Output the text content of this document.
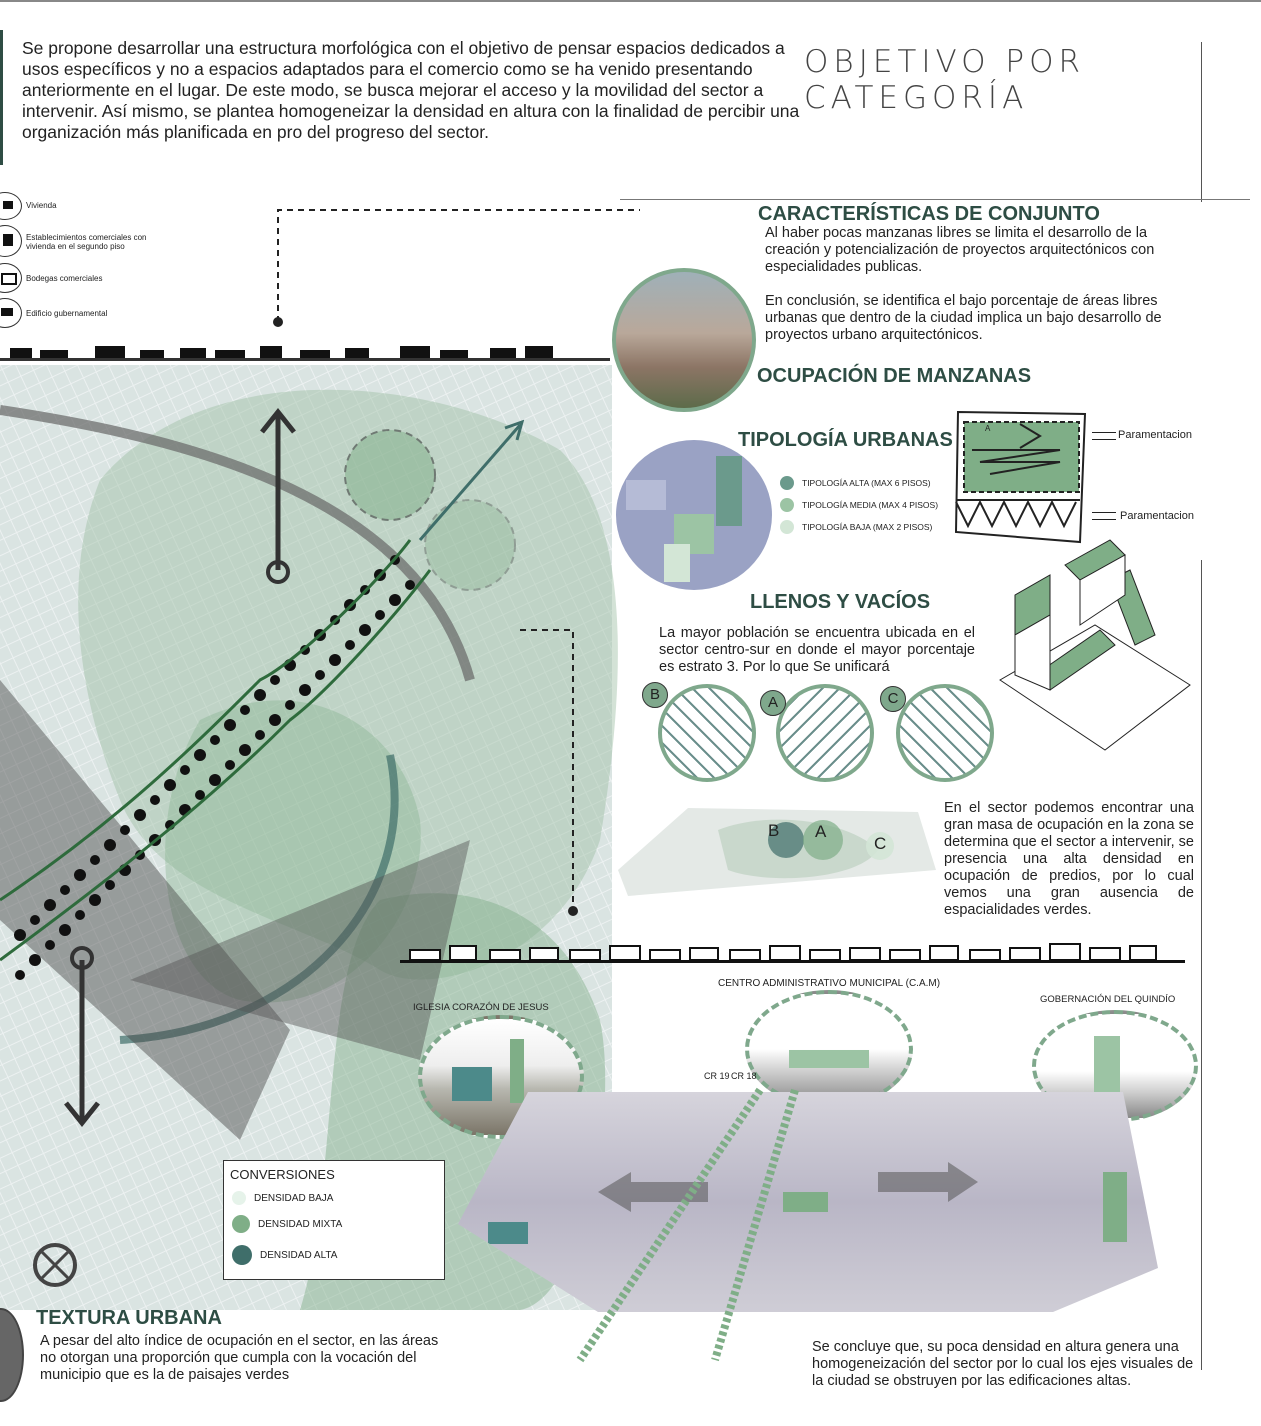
Se propone desarrollar una estructura morfológica con el objetivo de pensar espacios dedicados a usos específicos y no a espacios adaptados para el comercio como se ha venido presentando anteriormente en el lugar. De este modo, se busca mejorar el acceso y la movilidad del sector a intervenir. Así mismo, se plantea homogeneizar la densidad en altura con la finalidad de percibir una organización más planificada en pro del progreso del sector.
OBJETIVO POR CATEGORÍA
Vivienda
Establecimientos comerciales con vivienda en el segundo piso
Bodegas comerciales
Edificio gubernamental
CONVERSIONES
DENSIDAD BAJA
DENSIDAD MIXTA
DENSIDAD ALTA
TEXTURA URBANA
A pesar del alto índice de ocupación en el sector, en las áreas no otorgan una proporción que cumpla con la vocación del municipio que es la de paisajes verdes
CARACTERÍSTICAS DE CONJUNTO
Al haber pocas manzanas libres se limita el desarrollo de la creación y potencialización de proyectos arquitectónicos con especialidades publicas.
En conclusión, se identifica el bajo porcentaje de áreas libres urbanas que dentro de la ciudad implica un bajo desarrollo de proyectos urbano arquitectónicos.
OCUPACIÓN DE MANZANAS
TIPOLOGÍA URBANAS
TIPOLOGÍA ALTA (MAX 6 PISOS)
TIPOLOGÍA MEDIA (MAX 4 PISOS)
TIPOLOGÍA BAJA (MAX 2 PISOS)
A
Paramentacion
Paramentacion
LLENOS Y VACÍOS
La mayor población se encuentra ubicada en el sector centro-sur en donde el mayor porcentaje es estrato 3. Por lo que Se unificará
B	A	C
B A
C
En el sector podemos encontrar una gran masa de ocupación en la zona se determina que el sector a intervenir, se presencia una alta densidad en ocupación de predios, por lo cual vemos una gran ausencia de espacialidades verdes.
CENTRO ADMINISTRATIVO MUNICIPAL (C.A.M)
IGLESIA CORAZÓN DE JESUS
GOBERNACIÓN DEL QUINDÍO
CR 19 CR 18
Se concluye que, su poca densidad en altura genera una homogeneización del sector por lo cual los ejes visuales de la ciudad se obstruyen por las edificaciones altas.
